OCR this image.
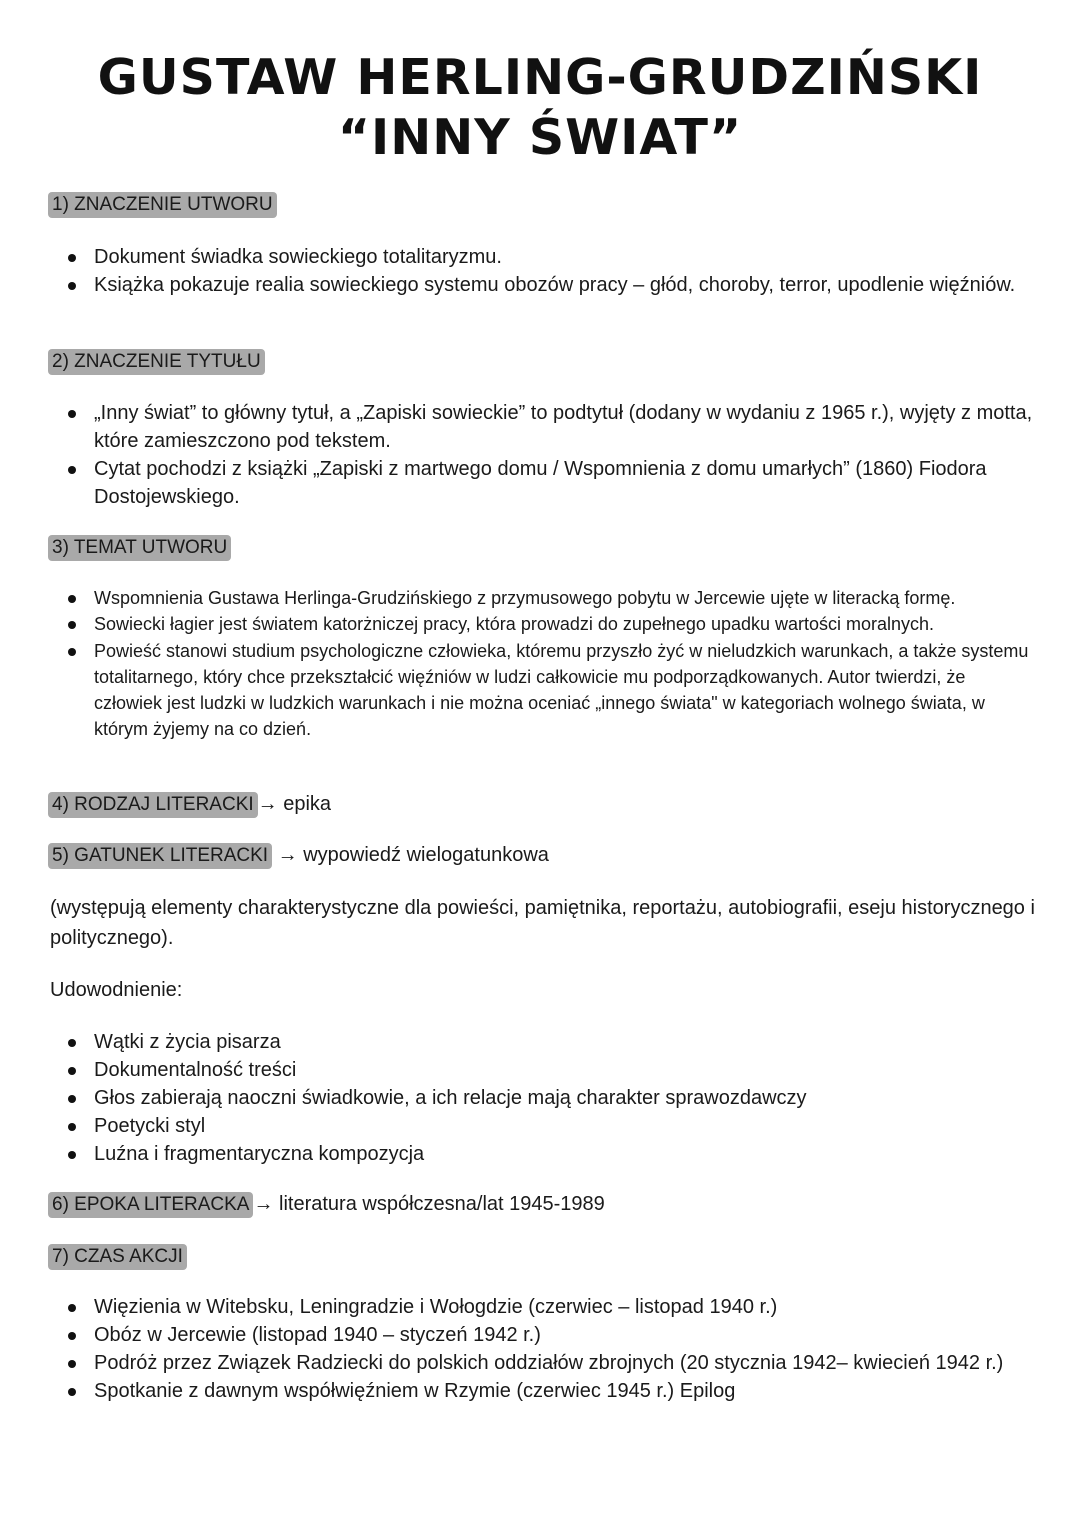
GUSTAW HERLING-GRUDZIŃSKI
“INNY ŚWIAT”
1) ZNACZENIE UTWORU
Dokument świadka sowieckiego totalitaryzmu.
Książka pokazuje realia sowieckiego systemu obozów pracy – głód, choroby, terror, upodlenie więźniów.
2) ZNACZENIE TYTUŁU
„Inny świat” to główny tytuł, a „Zapiski sowieckie” to podtytuł (dodany w wydaniu z 1965 r.), wyjęty z motta, które zamieszczono pod tekstem.
Cytat pochodzi z książki „Zapiski z martwego domu / Wspomnienia z domu umarłych” (1860) Fiodora Dostojewskiego.
3) TEMAT UTWORU
Wspomnienia Gustawa Herlinga-Grudzińskiego z przymusowego pobytu w Jercewie ujęte w literacką formę.
Sowiecki łagier jest światem katorżniczej pracy, która prowadzi do zupełnego upadku wartości moralnych.
Powieść stanowi studium psychologiczne człowieka, któremu przyszło żyć w nieludzkich warunkach, a także systemu totalitarnego, który chce przekształcić więźniów w ludzi całkowicie mu podporządkowanych. Autor twierdzi, że człowiek jest ludzki w ludzkich warunkach i nie można oceniać „innego świata" w kategoriach wolnego świata, w którym żyjemy na co dzień.
4) RODZAJ LITERACKI → epika
5) GATUNEK LITERACKI → wypowiedź wielogatunkowa

(występują elementy charakterystyczne dla powieści, pamiętnika, reportażu, autobiografii, eseju historycznego i politycznego).

Udowodnienie:

Wątki z życia pisarza
Dokumentalność treści
Głos zabierają naoczni świadkowie, a ich relacje mają charakter sprawozdawczy
Poetycki styl
Luźna i fragmentaryczna kompozycja
6) EPOKA LITERACKA → literatura współczesna/lat 1945-1989
7) CZAS AKCJI
Więzienia w Witebsku, Leningradzie i Wołogdzie (czerwiec – listopad 1940 r.)
Obóz w Jercewie (listopad 1940 – styczeń 1942 r.)
Podróż przez Związek Radziecki do polskich oddziałów zbrojnych (20 stycznia 1942– kwiecień 1942 r.)
Spotkanie z dawnym współwięźniem w Rzymie (czerwiec 1945 r.) Epilog
